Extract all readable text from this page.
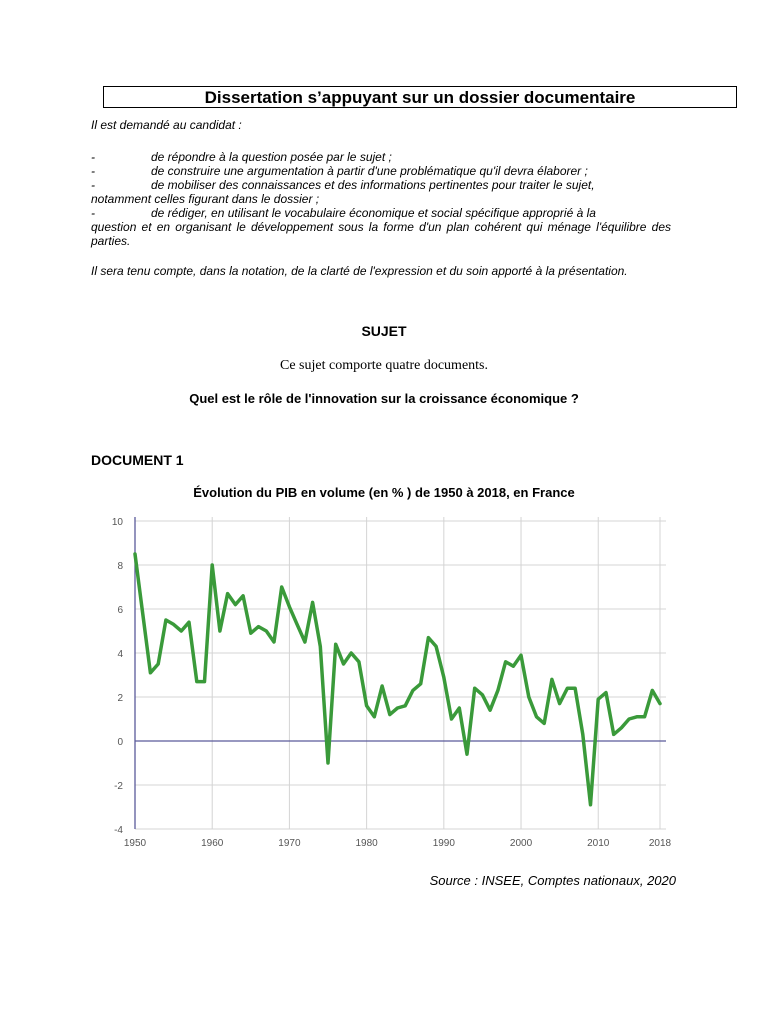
Dissertation s’appuyant sur un dossier documentaire
Il est demandé au candidat :
-	de répondre à la question posée par le sujet ;
-	de construire une argumentation à partir d'une problématique qu'il devra élaborer ;
-	de mobiliser des connaissances et des informations pertinentes pour traiter le sujet,
notamment celles figurant dans le dossier ;
-	de rédiger, en utilisant le vocabulaire économique et social spécifique approprié à la
question et en organisant le développement sous la forme d'un plan cohérent qui ménage l'équilibre des parties.
Il sera tenu compte, dans la notation, de la clarté de l'expression et du soin apporté à la présentation.
SUJET
Ce sujet comporte quatre documents.
Quel est le rôle de l'innovation sur la croissance économique ?
DOCUMENT 1
Évolution du PIB en volume (en % ) de 1950 à 2018, en France
1950	1960	1970	1980	1990	2000	2010	2018
10
8
6
4
2
0
-2
-4
Source : INSEE, Comptes nationaux, 2020
